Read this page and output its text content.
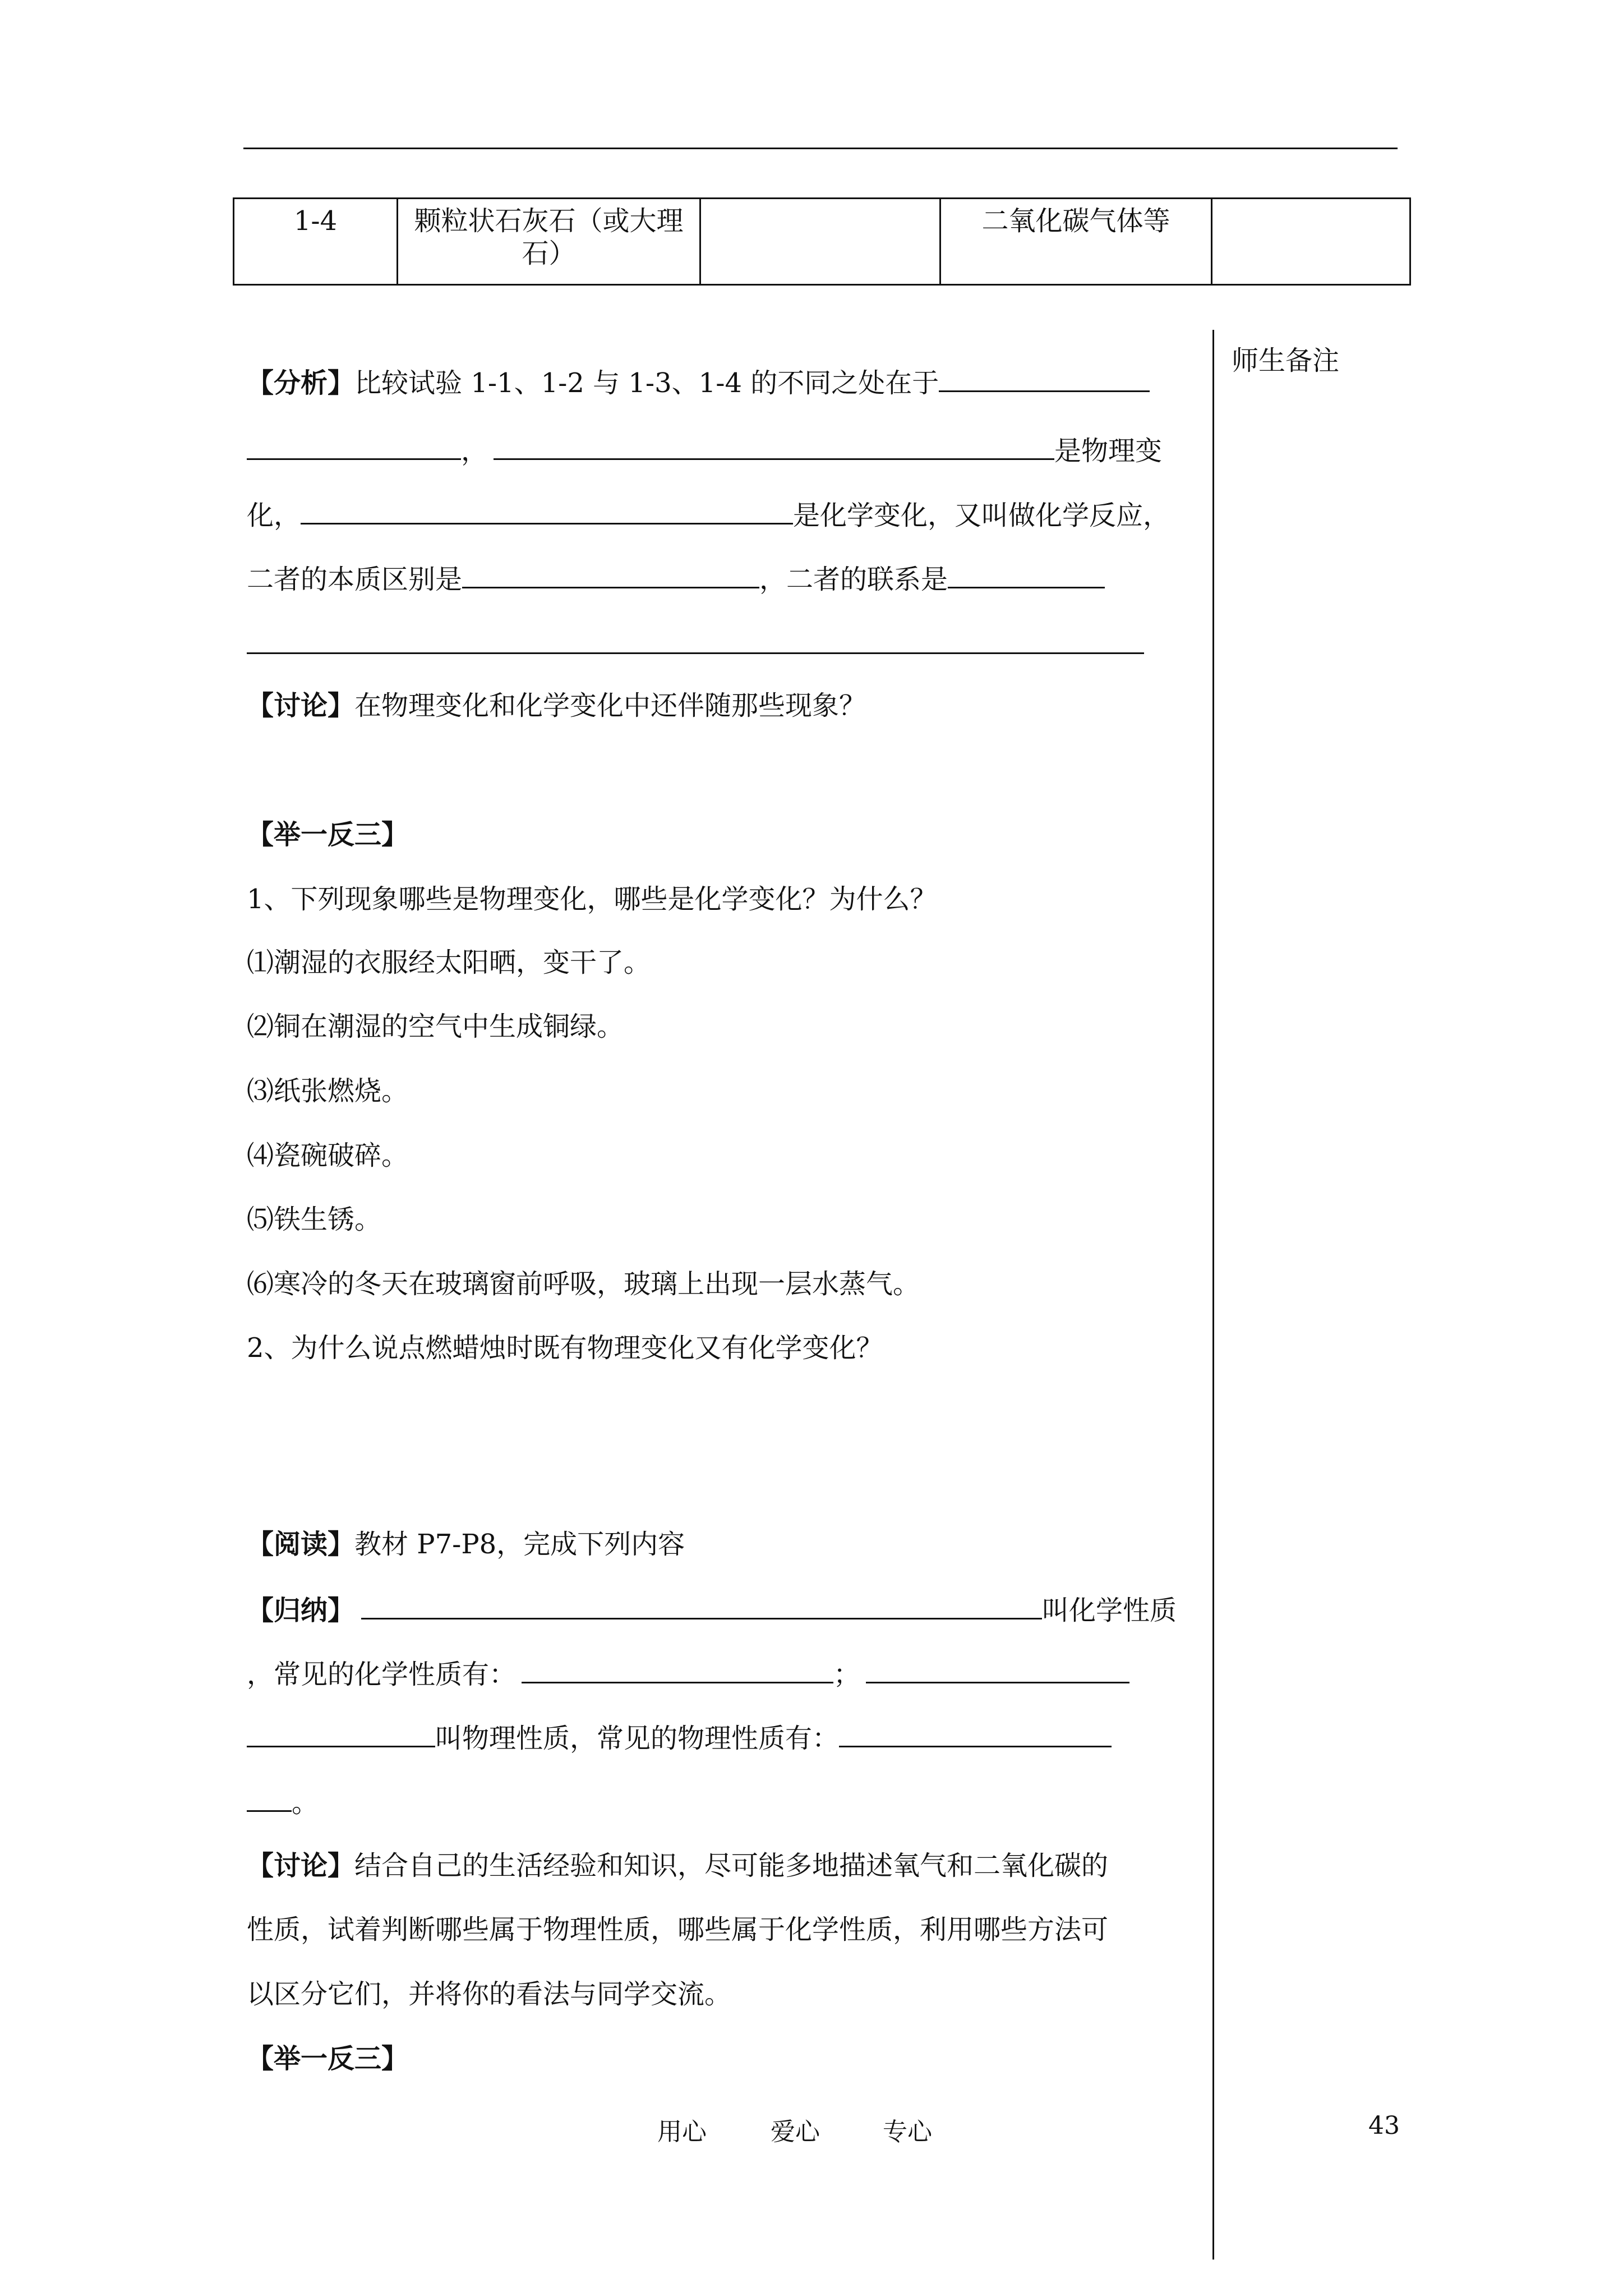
1-4	颗粒状石灰石（或大理石）		二氧化碳气体等	
师生备注
【分析】比较试验 1-1、1-2 与 1-3、1-4 的不同之处在于
，	是物理变
化，	是化学变化，又叫做化学反应，
二者的本质区别是	，二者的联系是
【讨论】在物理变化和化学变化中还伴随那些现象？
【举一反三】
1、下列现象哪些是物理变化，哪些是化学变化？为什么？
⑴潮湿的衣服经太阳晒，变干了。
⑵铜在潮湿的空气中生成铜绿。
⑶纸张燃烧。
⑷瓷碗破碎。
⑸铁生锈。
⑹寒冷的冬天在玻璃窗前呼吸，玻璃上出现一层水蒸气。
2、为什么说点燃蜡烛时既有物理变化又有化学变化？
【阅读】教材 P7-P8，完成下列内容
【归纳】	叫化学性质
，常见的化学性质有：	；
叫物理性质，常见的物理性质有：
。
【讨论】结合自己的生活经验和知识，尽可能多地描述氧气和二氧化碳的
性质，试着判断哪些属于物理性质，哪些属于化学性质，利用哪些方法可
以区分它们，并将你的看法与同学交流。
【举一反三】
用心	爱心	专心	43
